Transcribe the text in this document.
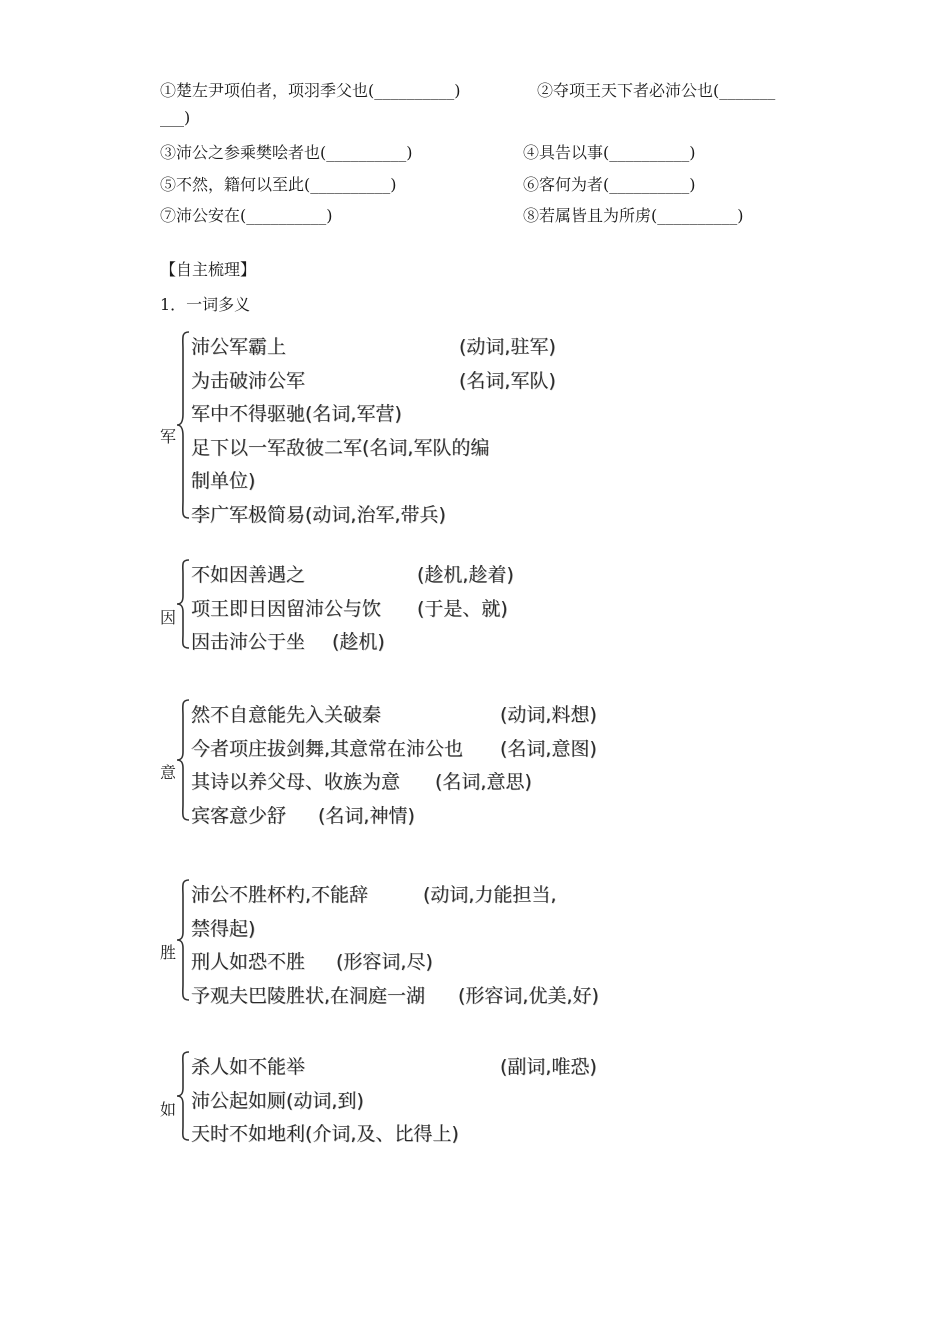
①楚左尹项伯者，项羽季父也(__________)	②夺项王天下者必沛公也(_______
___)
③沛公之参乘樊哙者也(__________)	④具告以事(__________)
⑤不然，籍何以至此(__________)	⑥客何为者(__________)
⑦沛公安在(__________)	⑧若属皆且为所虏(__________)
【自主梳理】
1．一词多义
军
沛公军霸上	(动词,驻军)
为击破沛公军	(名词,军队)
军中不得驱驰(名词,军营)
足下以一军敌彼二军(名词,军队的编
制单位)
李广军极简易(动词,治军,带兵)
因
不如因善遇之	(趁机,趁着)
项王即日因留沛公与饮 (于是、就)
因击沛公于坐 (趁机)
意
然不自意能先入关破秦	(动词,料想)
今者项庄拔剑舞,其意常在沛公也 (名词,意图)
其诗以养父母、收族为意 (名词,意思)
宾客意少舒 (名词,神情)
胜
沛公不胜杯杓,不能辞	(动词,力能担当,
禁得起)
刑人如恐不胜 (形容词,尽)
予观夫巴陵胜状,在洞庭一湖 (形容词,优美,好)
如
杀人如不能举	(副词,唯恐)
沛公起如厕(动词,到)
天时不如地利(介词,及、比得上)
